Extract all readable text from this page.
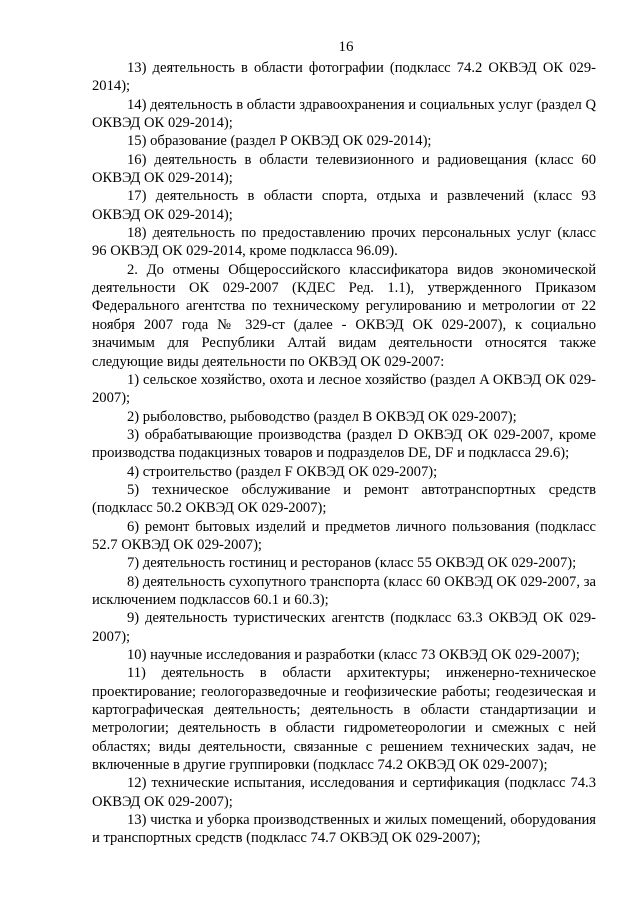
16

13) деятельность в области фотографии (подкласс 74.2 ОКВЭД ОК 029-2014);

14) деятельность в области здравоохранения и социальных услуг (раздел Q ОКВЭД ОК 029-2014);

15) образование (раздел P ОКВЭД ОК 029-2014);

16) деятельность в области телевизионного и радиовещания (класс 60 ОКВЭД ОК 029-2014);

17) деятельность в области спорта, отдыха и развлечений (класс 93 ОКВЭД ОК 029-2014);

18) деятельность по предоставлению прочих персональных услуг (класс 96 ОКВЭД ОК 029-2014, кроме подкласса 96.09).

2. До отмены Общероссийского классификатора видов экономической деятельности ОК 029-2007 (КДЕС Ред. 1.1), утвержденного Приказом Федерального агентства по техническому регулированию и метрологии от 22 ноября 2007 года № 329-ст (далее - ОКВЭД ОК 029-2007), к социально значимым для Республики Алтай видам деятельности относятся также следующие виды деятельности по ОКВЭД ОК 029-2007:

1) сельское хозяйство, охота и лесное хозяйство (раздел A ОКВЭД ОК 029-2007);

2) рыболовство, рыбоводство (раздел B ОКВЭД ОК 029-2007);

3) обрабатывающие производства (раздел D ОКВЭД ОК 029-2007, кроме производства подакцизных товаров и подразделов DE, DF и подкласса 29.6);

4) строительство (раздел F ОКВЭД ОК 029-2007);

5) техническое обслуживание и ремонт автотранспортных средств (подкласс 50.2 ОКВЭД ОК 029-2007);

6) ремонт бытовых изделий и предметов личного пользования (подкласс 52.7 ОКВЭД ОК 029-2007);

7) деятельность гостиниц и ресторанов (класс 55 ОКВЭД ОК 029-2007);

8) деятельность сухопутного транспорта (класс 60 ОКВЭД ОК 029-2007, за исключением подклассов 60.1 и 60.3);

9) деятельность туристических агентств (подкласс 63.3 ОКВЭД ОК 029-2007);

10) научные исследования и разработки (класс 73 ОКВЭД ОК 029-2007);

11) деятельность в области архитектуры; инженерно-техническое проектирование; геологоразведочные и геофизические работы; геодезическая и картографическая деятельность; деятельность в области стандартизации и метрологии; деятельность в области гидрометеорологии и смежных с ней областях; виды деятельности, связанные с решением технических задач, не включенные в другие группировки (подкласс 74.2 ОКВЭД ОК 029-2007);

12) технические испытания, исследования и сертификация (подкласс 74.3 ОКВЭД ОК 029-2007);

13) чистка и уборка производственных и жилых помещений, оборудования и транспортных средств (подкласс 74.7 ОКВЭД ОК 029-2007);
